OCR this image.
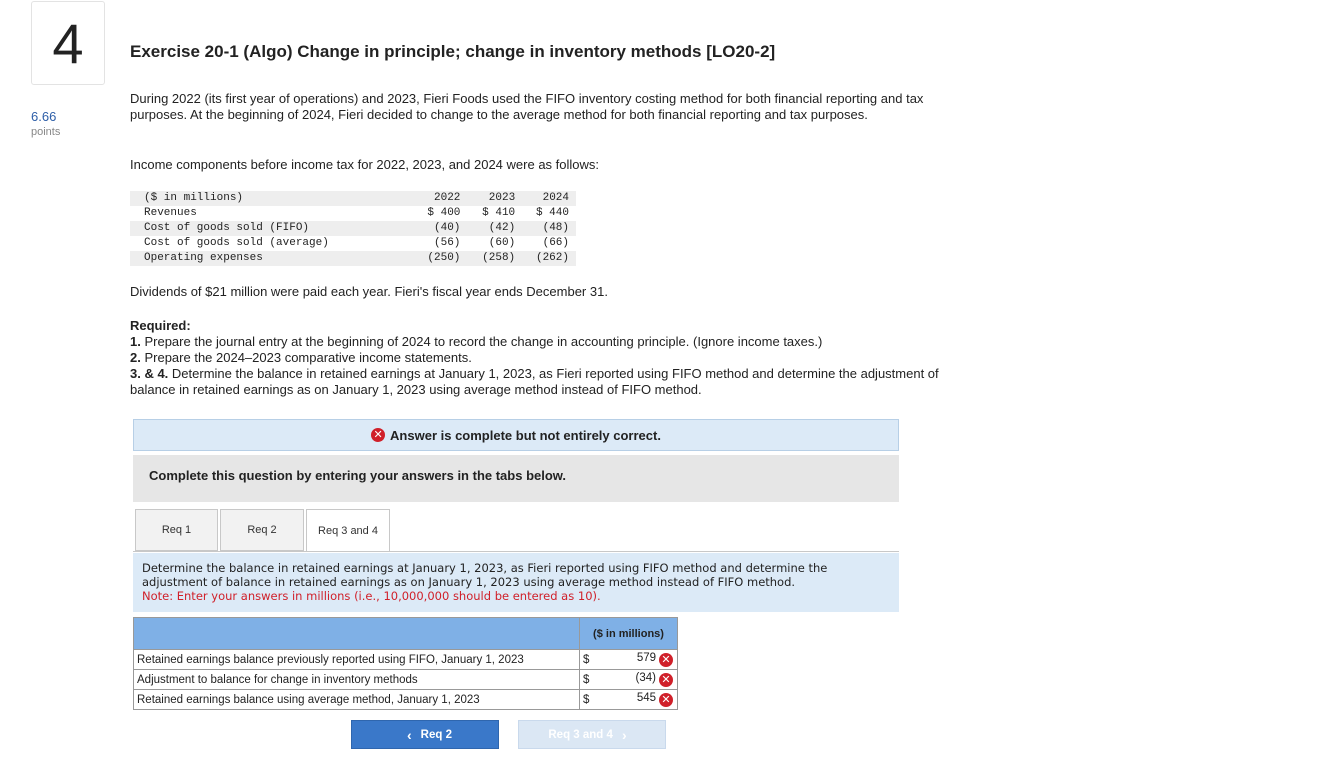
4
6.66
points
Exercise 20-1 (Algo) Change in principle; change in inventory methods [LO20-2]
During 2022 (its first year of operations) and 2023, Fieri Foods used the FIFO inventory costing method for both financial reporting and tax purposes. At the beginning of 2024, Fieri decided to change to the average method for both financial reporting and tax purposes.
Income components before income tax for 2022, 2023, and 2024 were as follows:
($ in millions)	2022	2023	2024
Revenues	$ 400	$ 410	$ 440
Cost of goods sold (FIFO)	(40)	(42)	(48)
Cost of goods sold (average)	(56)	(60)	(66)
Operating expenses	(250)	(258)	(262)
Dividends of $21 million were paid each year. Fieri's fiscal year ends December 31.
Required:
1. Prepare the journal entry at the beginning of 2024 to record the change in accounting principle. (Ignore income taxes.)
2. Prepare the 2024–2023 comparative income statements.
3. & 4. Determine the balance in retained earnings at January 1, 2023, as Fieri reported using FIFO method and determine the adjustment of balance in retained earnings as on January 1, 2023 using average method instead of FIFO method.
✕ Answer is complete but not entirely correct.
Complete this question by entering your answers in the tabs below.
Req 1	Req 2	Req 3 and 4
Determine the balance in retained earnings at January 1, 2023, as Fieri reported using FIFO method and determine the adjustment of balance in retained earnings as on January 1, 2023 using average method instead of FIFO method.
Note: Enter your answers in millions (i.e., 10,000,000 should be entered as 10).
	($ in millions)	
Retained earnings balance previously reported using FIFO, January 1, 2023	$	579 ✕
Adjustment to balance for change in inventory methods	$	(34) ✕
Retained earnings balance using average method, January 1, 2023	$	545 ✕
‹ Req 2	Req 3 and 4 ›
